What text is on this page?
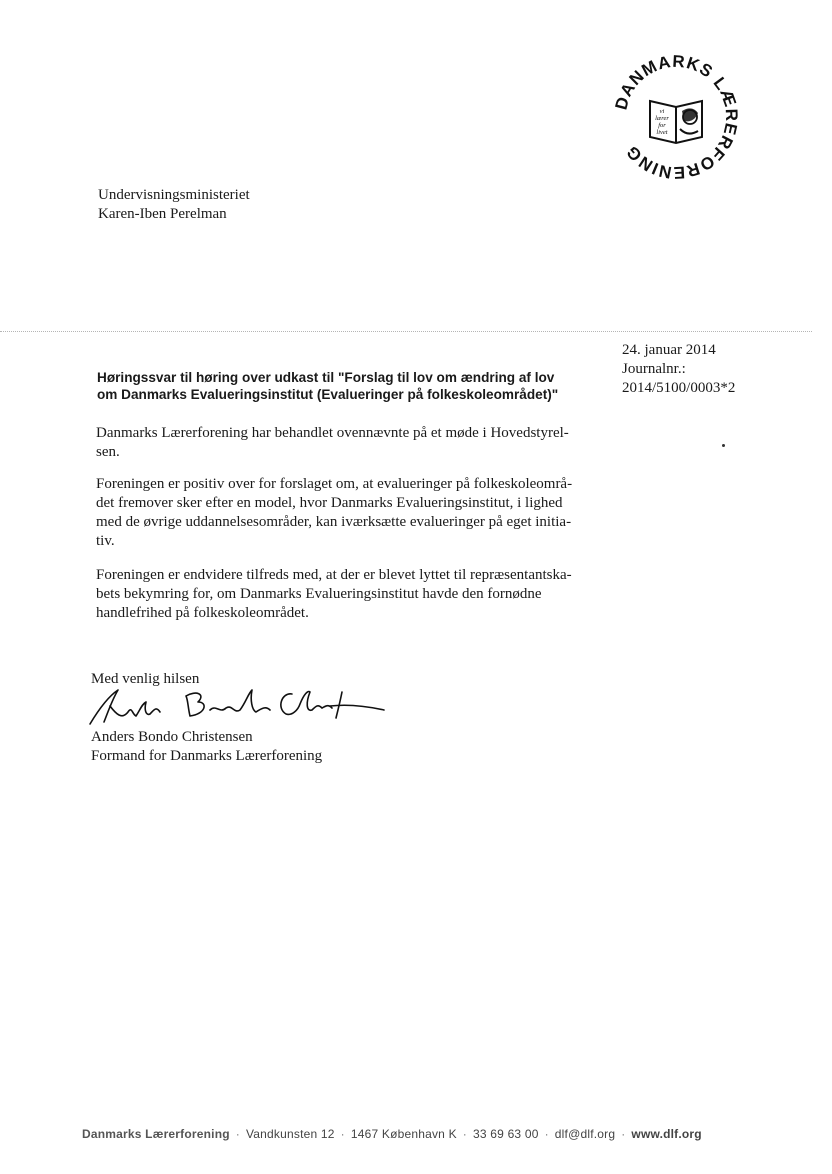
DANMARKS LÆRERFORENING
vi
lærer
for
livet
Undervisningsministeriet
Karen-Iben Perelman
24. januar 2014
Journalnr.:
2014/5100/0003*2
Høringssvar til høring over udkast til "Forslag til lov om ændring af lov
om Danmarks Evalueringsinstitut (Evalueringer på folkeskoleområdet)"
Danmarks Lærerforening har behandlet ovennævnte på et møde i Hovedstyrel-
sen.
Foreningen er positiv over for forslaget om, at evalueringer på folkeskoleområ-
det fremover sker efter en model, hvor Danmarks Evalueringsinstitut, i lighed
med de øvrige uddannelsesområder, kan iværksætte evalueringer på eget initia-
tiv.
Foreningen er endvidere tilfreds med, at der er blevet lyttet til repræsentantska-
bets bekymring for, om Danmarks Evalueringsinstitut havde den fornødne
handlefrihed på folkeskoleområdet.
Med venlig hilsen
Anders Bondo Christensen
Formand for Danmarks Lærerforening
Danmarks Lærerforening · Vandkunsten 12 · 1467 København K · 33 69 63 00 · dlf@dlf.org · www.dlf.org
